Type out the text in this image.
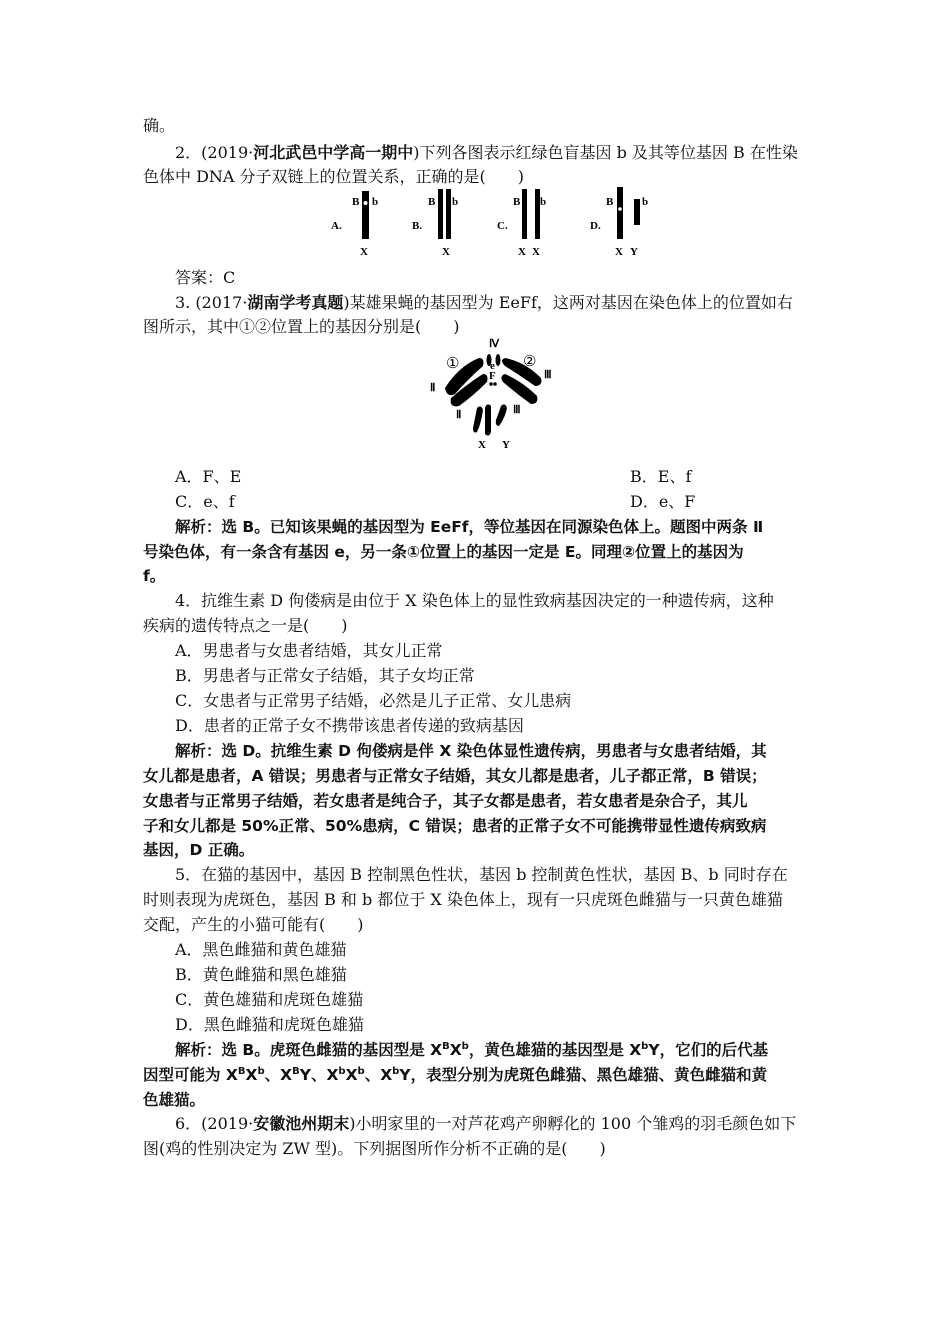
确。
2．(2019·河北武邑中学高一期中)下列各图表示红绿色盲基因 b 及其等位基因 B 在性染
色体中 DNA 分子双链上的位置关系，正确的是(　　)
A.
B b
X
B.
B b
X
C.
B b
X X
D.
B	b
X Y
答案：C
3. (2017·湖南学考真题)某雄果蝇的基因型为 EeFf，这两对基因在染色体上的位置如右
图所示，其中①②位置上的基因分别是(　　)
①	②
Ⅳ
e
F
Ⅱ
Ⅲ
Ⅱ	Ⅲ
X Y
A．F、E	B．E、f
C．e、f	D．e、F
解析：选 B。已知该果蝇的基因型为 EeFf，等位基因在同源染色体上。题图中两条 Ⅱ
号染色体，有一条含有基因 e，另一条①位置上的基因一定是 E。同理②位置上的基因为
f。
4．抗维生素 D 佝偻病是由位于 X 染色体上的显性致病基因决定的一种遗传病，这种
疾病的遗传特点之一是(　　)
A．男患者与女患者结婚，其女儿正常
B．男患者与正常女子结婚，其子女均正常
C．女患者与正常男子结婚，必然是儿子正常、女儿患病
D．患者的正常子女不携带该患者传递的致病基因
解析：选 D。抗维生素 D 佝偻病是伴 X 染色体显性遗传病，男患者与女患者结婚，其
女儿都是患者，A 错误；男患者与正常女子结婚，其女儿都是患者，儿子都正常，B 错误；
女患者与正常男子结婚，若女患者是纯合子，其子女都是患者，若女患者是杂合子，其儿
子和女儿都是 50%正常、50%患病，C 错误；患者的正常子女不可能携带显性遗传病致病
基因，D 正确。
5．在猫的基因中，基因 B 控制黑色性状，基因 b 控制黄色性状，基因 B、b 同时存在
时则表现为虎斑色，基因 B 和 b 都位于 X 染色体上，现有一只虎斑色雌猫与一只黄色雄猫
交配，产生的小猫可能有(　　)
A．黑色雌猫和黄色雄猫
B．黄色雌猫和黑色雄猫
C．黄色雄猫和虎斑色雄猫
D．黑色雌猫和虎斑色雄猫
解析：选 B。虎斑色雌猫的基因型是 $X^BX^b$，黄色雄猫的基因型是 $X^bY$，它们的后代基
因型可能为 $X^BX^b$、$X^BY$、$X^bX^b$、$X^bY$，表型分别为虎斑色雌猫、黑色雄猫、黄色雌猫和黄
色雄猫。
6．(2019·安徽池州期末)小明家里的一对芦花鸡产卵孵化的 100 个雏鸡的羽毛颜色如下
图(鸡的性别决定为 ZW 型)。下列据图所作分析不正确的是(　　)
